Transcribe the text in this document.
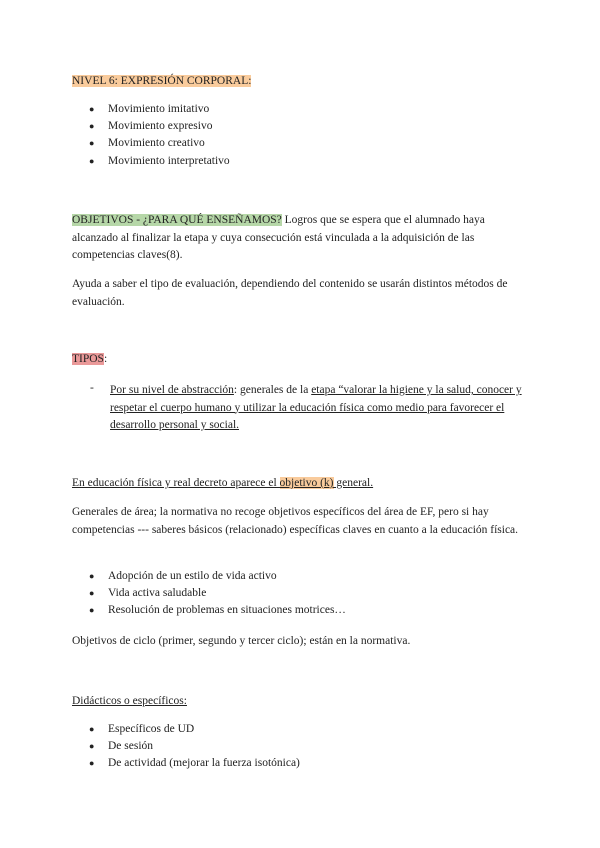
NIVEL 6: EXPRESIÓN CORPORAL:

● Movimiento imitativo
● Movimiento expresivo
● Movimiento creativo
● Movimiento interpretativo

OBJETIVOS - ¿PARA QUÉ ENSEÑAMOS? Logros que se espera que el alumnado haya alcanzado al finalizar la etapa y cuya consecución está vinculada a la adquisición de las competencias claves(8).

Ayuda a saber el tipo de evaluación, dependiendo del contenido se usarán distintos métodos de evaluación.

TIPOS:

- Por su nivel de abstracción: generales de la etapa “valorar la higiene y la salud, conocer y respetar el cuerpo humano y utilizar la educación física como medio para favorecer el desarrollo personal y social.

En educación física y real decreto aparece el objetivo (k) general.

Generales de área; la normativa no recoge objetivos específicos del área de EF, pero si hay competencias --- saberes básicos (relacionado) específicas claves en cuanto a la educación física.

● Adopción de un estilo de vida activo
● Vida activa saludable
● Resolución de problemas en situaciones motrices…

Objetivos de ciclo (primer, segundo y tercer ciclo); están en la normativa.

Didácticos o específicos:

● Específicos de UD
● De sesión
● De actividad (mejorar la fuerza isotónica)
